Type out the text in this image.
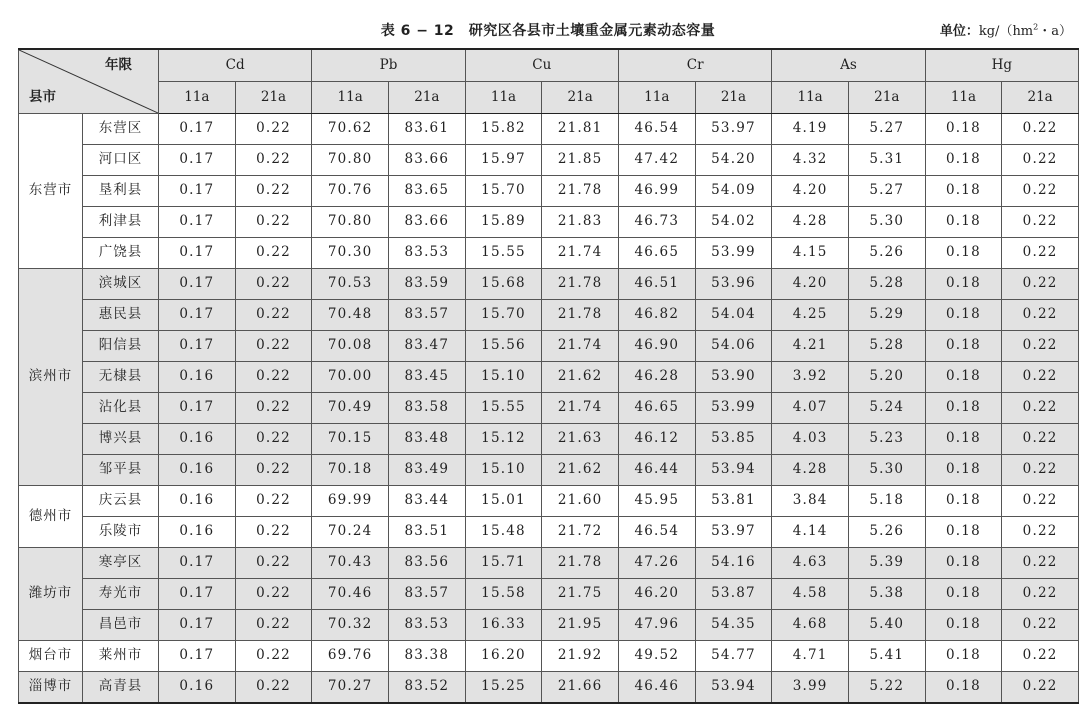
表 6 − 12　研究区各县市土壤重金属元素动态容量	单位：$kg/(hm^2$・a）
年限
县市		Cd		Pb		Cu		Cr		As		Hg	
		11a	21a	11a	21a	11a	21a	11a	21a	11a	21a	11a	21a
东营市	东营区	0.17	0.22	70.62	83.61	15.82	21.81	46.54	53.97	4.19	5.27	0.18	0.22
	河口区	0.17	0.22	70.80	83.66	15.97	21.85	47.42	54.20	4.32	5.31	0.18	0.22
	垦利县	0.17	0.22	70.76	83.65	15.70	21.78	46.99	54.09	4.20	5.27	0.18	0.22
	利津县	0.17	0.22	70.80	83.66	15.89	21.83	46.73	54.02	4.28	5.30	0.18	0.22
	广饶县	0.17	0.22	70.30	83.53	15.55	21.74	46.65	53.99	4.15	5.26	0.18	0.22
滨州市	滨城区	0.17	0.22	70.53	83.59	15.68	21.78	46.51	53.96	4.20	5.28	0.18	0.22
	惠民县	0.17	0.22	70.48	83.57	15.70	21.78	46.82	54.04	4.25	5.29	0.18	0.22
	阳信县	0.17	0.22	70.08	83.47	15.56	21.74	46.90	54.06	4.21	5.28	0.18	0.22
	无棣县	0.16	0.22	70.00	83.45	15.10	21.62	46.28	53.90	3.92	5.20	0.18	0.22
	沾化县	0.17	0.22	70.49	83.58	15.55	21.74	46.65	53.99	4.07	5.24	0.18	0.22
	博兴县	0.16	0.22	70.15	83.48	15.12	21.63	46.12	53.85	4.03	5.23	0.18	0.22
	邹平县	0.16	0.22	70.18	83.49	15.10	21.62	46.44	53.94	4.28	5.30	0.18	0.22
德州市	庆云县	0.16	0.22	69.99	83.44	15.01	21.60	45.95	53.81	3.84	5.18	0.18	0.22
	乐陵市	0.16	0.22	70.24	83.51	15.48	21.72	46.54	53.97	4.14	5.26	0.18	0.22
潍坊市	寒亭区	0.17	0.22	70.43	83.56	15.71	21.78	47.26	54.16	4.63	5.39	0.18	0.22
	寿光市	0.17	0.22	70.46	83.57	15.58	21.75	46.20	53.87	4.58	5.38	0.18	0.22
	昌邑市	0.17	0.22	70.32	83.53	16.33	21.95	47.96	54.35	4.68	5.40	0.18	0.22
烟台市	莱州市	0.17	0.22	69.76	83.38	16.20	21.92	49.52	54.77	4.71	5.41	0.18	0.22
淄博市	高青县	0.16	0.22	70.27	83.52	15.25	21.66	46.46	53.94	3.99	5.22	0.18	0.22
